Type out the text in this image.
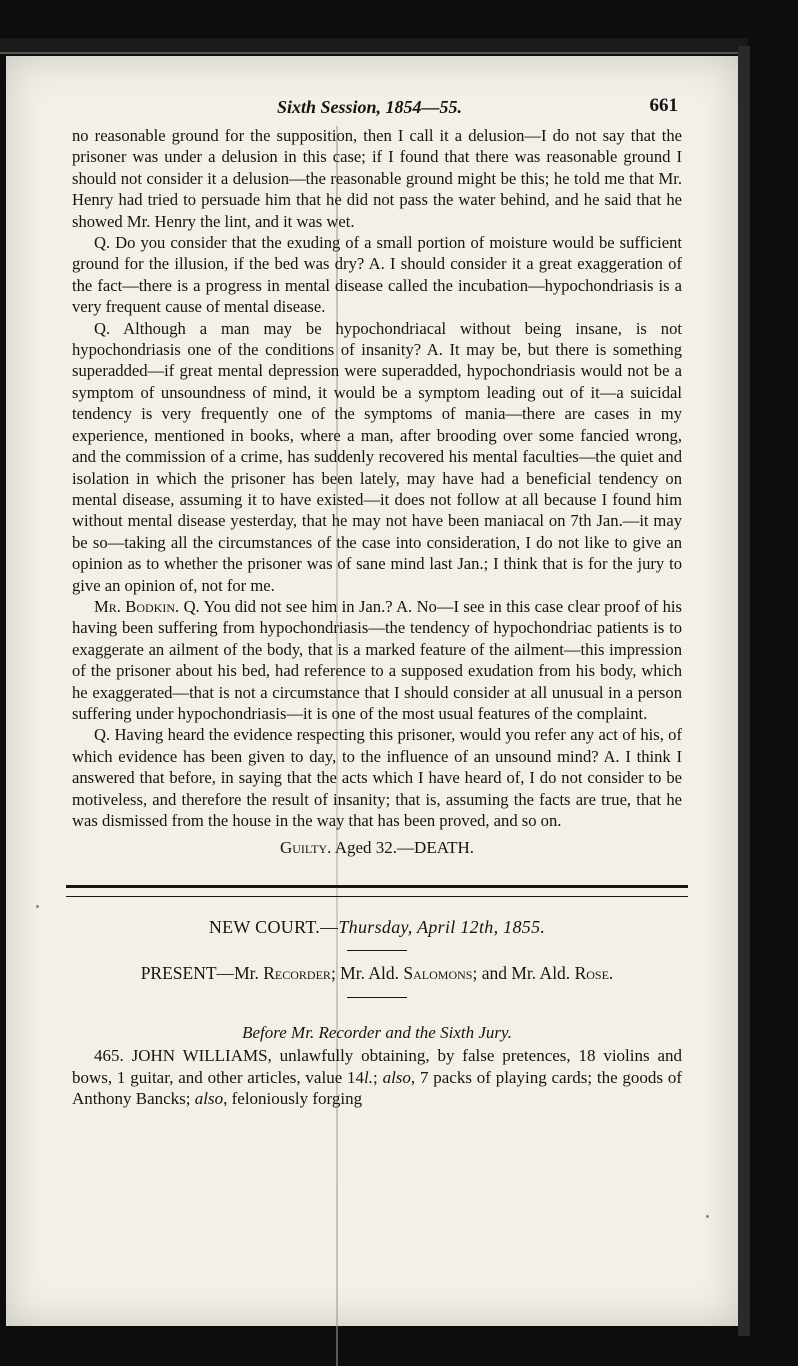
Sixth Session, 1854—55.	661

no reasonable ground for the supposition, then I call it a delusion—I do not say that the prisoner was under a delusion in this case; if I found that there was reasonable ground I should not consider it a delusion—the reasonable ground might be this; he told me that Mr. Henry had tried to persuade him that he did not pass the water behind, and he said that he showed Mr. Henry the lint, and it was wet.

Q. Do you consider that the exuding of a small portion of moisture would be sufficient ground for the illusion, if the bed was dry? A. I should consider it a great exaggeration of the fact—there is a progress in mental disease called the incubation—hypochondriasis is a very frequent cause of mental disease.

Q. Although a man may be hypochondriacal without being insane, is not hypochondriasis one of the conditions of insanity? A. It may be, but there is something superadded—if great mental depression were superadded, hypochondriasis would not be a symptom of unsoundness of mind, it would be a symptom leading out of it—a suicidal tendency is very frequently one of the symptoms of mania—there are cases in my experience, mentioned in books, where a man, after brooding over some fancied wrong, and the commission of a crime, has suddenly recovered his mental faculties—the quiet and isolation in which the prisoner has been lately, may have had a beneficial tendency on mental disease, assuming it to have existed—it does not follow at all because I found him without mental disease yesterday, that he may not have been maniacal on 7th Jan.—it may be so—taking all the circumstances of the case into consideration, I do not like to give an opinion as to whether the prisoner was of sane mind last Jan.; I think that is for the jury to give an opinion of, not for me.

Mr. Bodkin. Q. You did not see him in Jan.? A. No—I see in this case clear proof of his having been suffering from hypochondriasis—the tendency of hypochondriac patients is to exaggerate an ailment of the body, that is a marked feature of the ailment—this impression of the prisoner about his bed, had reference to a supposed exudation from his body, which he exaggerated—that is not a circumstance that I should consider at all unusual in a person suffering under hypochondriasis—it is one of the most usual features of the complaint.

Q. Having heard the evidence respecting this prisoner, would you refer any act of his, of which evidence has been given to day, to the influence of an unsound mind? A. I think I answered that before, in saying that the acts which I have heard of, I do not consider to be motiveless, and therefore the result of insanity; that is, assuming the facts are true, that he was dismissed from the house in the way that has been proved, and so on.

Guilty. Aged 32.—DEATH.
NEW COURT.—Thursday, April 12th, 1855.
PRESENT—Mr. Recorder; Mr. Ald. Salomons; and Mr. Ald. Rose.
Before Mr. Recorder and the Sixth Jury.

465. JOHN WILLIAMS, unlawfully obtaining, by false pretences, 18 violins and bows, 1 guitar, and other articles, value 14l.; also, 7 packs of playing cards; the goods of Anthony Bancks; also, feloniously forging
